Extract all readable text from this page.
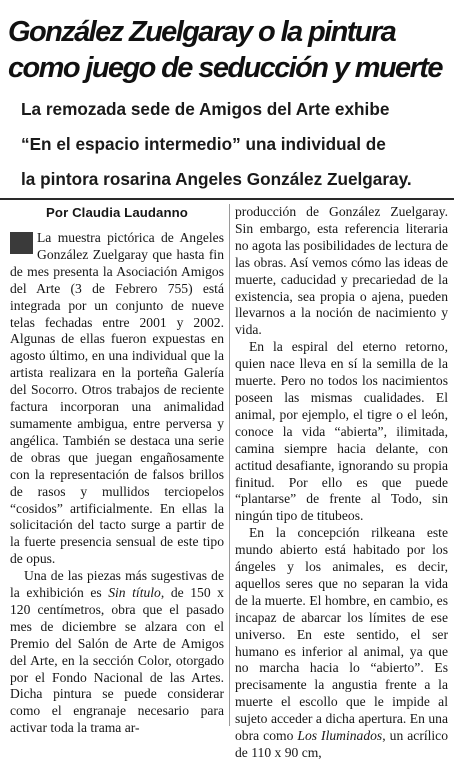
González Zuelgaray o la pintura
como juego de seducción y muerte
La remozada sede de Amigos del Arte exhibe
“En el espacio intermedio” una individual de
la pintora rosarina Angeles González Zuelgaray.
Por Claudia Laudanno

La muestra pictórica de Angeles González Zuelgaray que hasta fin de mes presenta la Asociación Amigos del Arte (3 de Febrero 755) está integrada por un conjunto de nueve telas fechadas entre 2001 y 2002. Algunas de ellas fueron expuestas en agosto último, en una individual que la artista realizara en la porteña Galería del Socorro. Otros trabajos de reciente factura incorporan una animalidad sumamente ambigua, entre perversa y angélica. También se destaca una serie de obras que juegan engañosamente con la representación de falsos brillos de rasos y mullidos terciopelos “cosidos” artificialmente. En ellas la solicitación del tacto surge a partir de la fuerte presencia sensual de este tipo de opus.

Una de las piezas más sugestivas de la exhibición es Sin título, de 150 x 120 centímetros, obra que el pasado mes de diciembre se alzara con el Premio del Salón de Arte de Amigos del Arte, en la sección Color, otorgado por el Fondo Nacional de las Artes. Dicha pintura se puede considerar como el engranaje necesario para activar toda la trama ar-

producción de González Zuelgaray. Sin embargo, esta referencia literaria no agota las posibilidades de lectura de las obras. Así vemos cómo las ideas de muerte, caducidad y precariedad de la existencia, sea propia o ajena, pueden llevarnos a la noción de nacimiento y vida.

En la espiral del eterno retorno, quien nace lleva en sí la semilla de la muerte. Pero no todos los nacimientos poseen las mismas cualidades. El animal, por ejemplo, el tigre o el león, conoce la vida “abierta”, ilimitada, camina siempre hacia delante, con actitud desafiante, ignorando su propia finitud. Por ello es que puede “plantarse” de frente al Todo, sin ningún tipo de titubeos.

En la concepción rilkeana este mundo abierto está habitado por los ángeles y los animales, es decir, aquellos seres que no separan la vida de la muerte. El hombre, en cambio, es incapaz de abarcar los límites de ese universo. En este sentido, el ser humano es inferior al animal, ya que no marcha hacia lo “abierto”. Es precisamente la angustia frente a la muerte el escollo que le impide al sujeto acceder a dicha apertura. En una obra como Los Iluminados, un acrílico de 110 x 90 cm,
